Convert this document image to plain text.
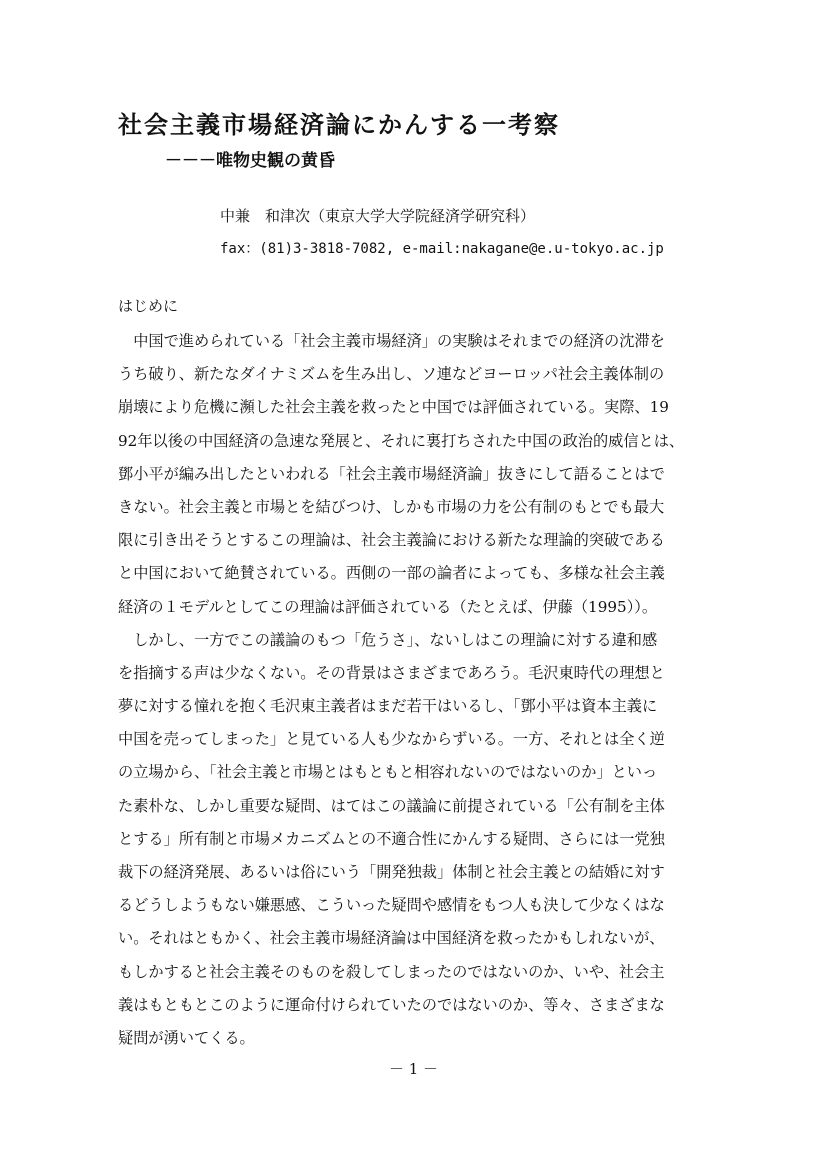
社会主義市場経済論にかんする一考察
－－－唯物史観の黄昏
中兼　和津次（東京大学大学院経済学研究科）
fax：(81)3-3818-7082, e-mail:nakagane@e.u-tokyo.ac.jp
はじめに
　中国で進められている「社会主義市場経済」の実験はそれまでの経済の沈滞を
うち破り、新たなダイナミズムを生み出し、ソ連などヨーロッパ社会主義体制の
崩壊により危機に瀕した社会主義を救ったと中国では評価されている。実際、19
92年以後の中国経済の急速な発展と、それに裏打ちされた中国の政治的威信とは、
鄧小平が編み出したといわれる「社会主義市場経済論」抜きにして語ることはで
きない。社会主義と市場とを結びつけ、しかも市場の力を公有制のもとでも最大
限に引き出そうとするこの理論は、社会主義論における新たな理論的突破である
と中国において絶賛されている。西側の一部の論者によっても、多様な社会主義
経済の１モデルとしてこの理論は評価されている（たとえば、伊藤（1995））。
　しかし、一方でこの議論のもつ「危うさ」、ないしはこの理論に対する違和感
を指摘する声は少なくない。その背景はさまざまであろう。毛沢東時代の理想と
夢に対する憧れを抱く毛沢東主義者はまだ若干はいるし、「鄧小平は資本主義に
中国を売ってしまった」と見ている人も少なからずいる。一方、それとは全く逆
の立場から、「社会主義と市場とはもともと相容れないのではないのか」といっ
た素朴な、しかし重要な疑問、はてはこの議論に前提されている「公有制を主体
とする」所有制と市場メカニズムとの不適合性にかんする疑問、さらには一党独
裁下の経済発展、あるいは俗にいう「開発独裁」体制と社会主義との結婚に対す
るどうしようもない嫌悪感、こういった疑問や感情をもつ人も決して少なくはな
い。それはともかく、社会主義市場経済論は中国経済を救ったかもしれないが、
もしかすると社会主義そのものを殺してしまったのではないのか、いや、社会主
義はもともとこのように運命付けられていたのではないのか、等々、さまざまな
疑問が湧いてくる。
－ 1 －
